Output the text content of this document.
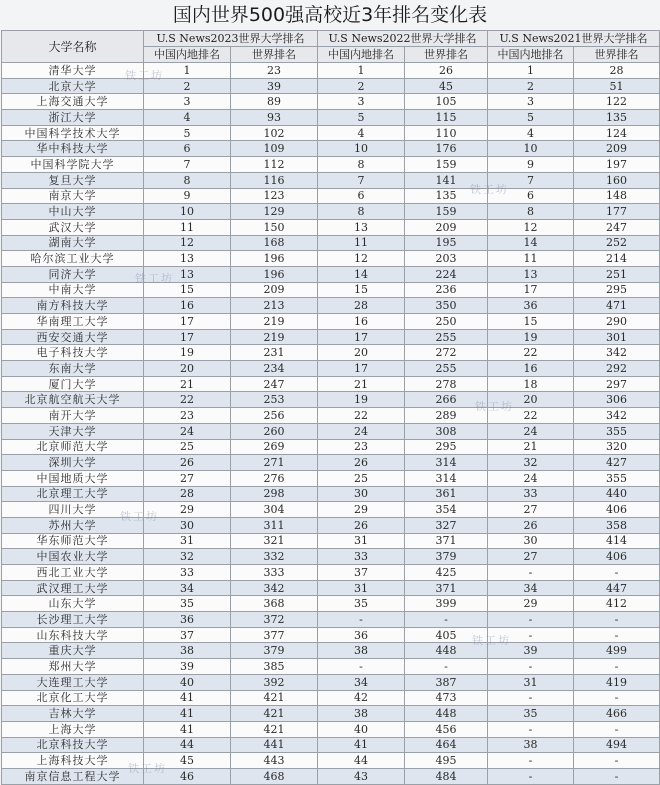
国内世界500强高校近3年排名变化表
大学名称	U.S News2023世界大学排名		U.S News2022世界大学排名		U.S News2021世界大学排名	
	中国内地排名	世界排名	中国内地排名	世界排名	中国内地排名	世界排名
清华大学	1	23	1	26	1	28
北京大学	2	39	2	45	2	51
上海交通大学	3	89	3	105	3	122
浙江大学	4	93	5	115	5	135
中国科学技术大学	5	102	4	110	4	124
华中科技大学	6	109	10	176	10	209
中国科学院大学	7	112	8	159	9	197
复旦大学	8	116	7	141	7	160
南京大学	9	123	6	135	6	148
中山大学	10	129	8	159	8	177
武汉大学	11	150	13	209	12	247
湖南大学	12	168	11	195	14	252
哈尔滨工业大学	13	196	12	203	11	214
同济大学	13	196	14	224	13	251
中南大学	15	209	15	236	17	295
南方科技大学	16	213	28	350	36	471
华南理工大学	17	219	16	250	15	290
西安交通大学	17	219	17	255	19	301
电子科技大学	19	231	20	272	22	342
东南大学	20	234	17	255	16	292
厦门大学	21	247	21	278	18	297
北京航空航天大学	22	253	19	266	20	306
南开大学	23	256	22	289	22	342
天津大学	24	260	24	308	24	355
北京师范大学	25	269	23	295	21	320
深圳大学	26	271	26	314	32	427
中国地质大学	27	276	25	314	24	355
北京理工大学	28	298	30	361	33	440
四川大学	29	304	29	354	27	406
苏州大学	30	311	26	327	26	358
华东师范大学	31	321	31	371	30	414
中国农业大学	32	332	33	379	27	406
西北工业大学	33	333	37	425	-	-
武汉理工大学	34	342	31	371	34	447
山东大学	35	368	35	399	29	412
长沙理工大学	36	372	-	-	-	-
山东科技大学	37	377	36	405	-	-
重庆大学	38	379	38	448	39	499
郑州大学	39	385	-	-	-	-
大连理工大学	40	392	34	387	31	419
北京化工大学	41	421	42	473	-	-
吉林大学	41	421	38	448	35	466
上海大学	41	421	40	456	-	-
北京科技大学	44	441	41	464	38	494
上海科技大学	45	443	44	495	-	-
南京信息工程大学	46	468	43	484	-	-
铁工坊
铁工坊
铁工坊
铁工坊
铁工坊
铁工坊
铁工坊
